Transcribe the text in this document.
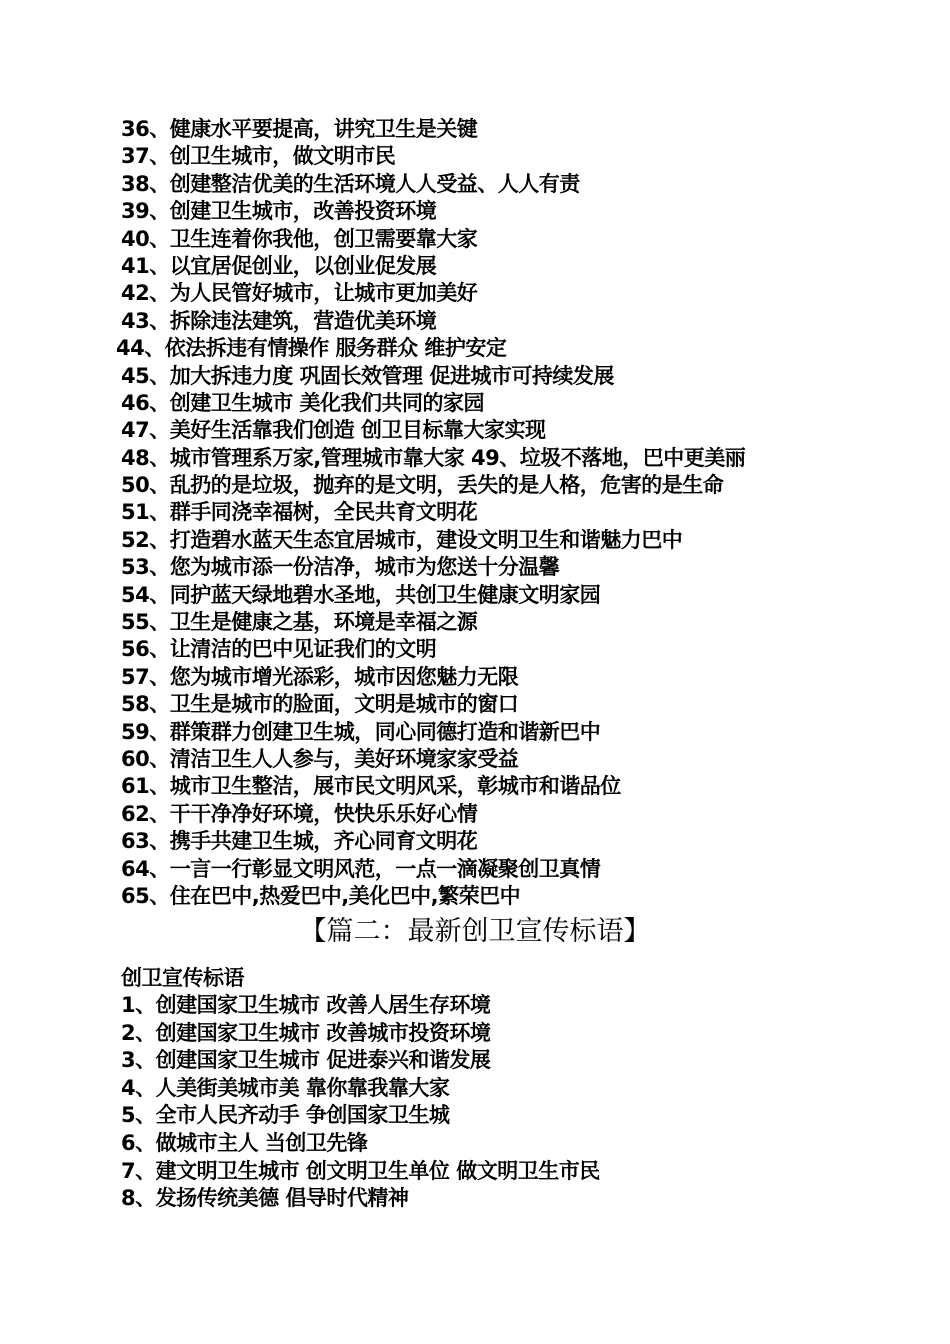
36、健康水平要提高，讲究卫生是关键
37、创卫生城市，做文明市民
38、创建整洁优美的生活环境人人受益、人人有责
39、创建卫生城市，改善投资环境
40、卫生连着你我他，创卫需要靠大家
41、以宜居促创业，以创业促发展
42、为人民管好城市，让城市更加美好
43、拆除违法建筑，营造优美环境
44、依法拆违有情操作 服务群众 维护安定
45、加大拆违力度 巩固长效管理 促进城市可持续发展
46、创建卫生城市 美化我们共同的家园
47、美好生活靠我们创造 创卫目标靠大家实现
48、城市管理系万家,管理城市靠大家 49、垃圾不落地，巴中更美丽
50、乱扔的是垃圾，抛弃的是文明，丢失的是人格，危害的是生命
51、群手同浇幸福树，全民共育文明花
52、打造碧水蓝天生态宜居城市，建设文明卫生和谐魅力巴中
53、您为城市添一份洁净，城市为您送十分温馨
54、同护蓝天绿地碧水圣地，共创卫生健康文明家园
55、卫生是健康之基，环境是幸福之源
56、让清洁的巴中见证我们的文明
57、您为城市增光添彩，城市因您魅力无限
58、卫生是城市的脸面，文明是城市的窗口
59、群策群力创建卫生城，同心同德打造和谐新巴中
60、清洁卫生人人参与，美好环境家家受益
61、城市卫生整洁，展市民文明风采，彰城市和谐品位
62、干干净净好环境，快快乐乐好心情
63、携手共建卫生城，齐心同育文明花
64、一言一行彰显文明风范，一点一滴凝聚创卫真情
65、住在巴中,热爱巴中,美化巴中,繁荣巴中
【篇二：最新创卫宣传标语】
创卫宣传标语
1、创建国家卫生城市 改善人居生存环境
2、创建国家卫生城市 改善城市投资环境
3、创建国家卫生城市 促进泰兴和谐发展
4、人美街美城市美 靠你靠我靠大家
5、全市人民齐动手 争创国家卫生城
6、做城市主人 当创卫先锋
7、建文明卫生城市 创文明卫生单位 做文明卫生市民
8、发扬传统美德 倡导时代精神
